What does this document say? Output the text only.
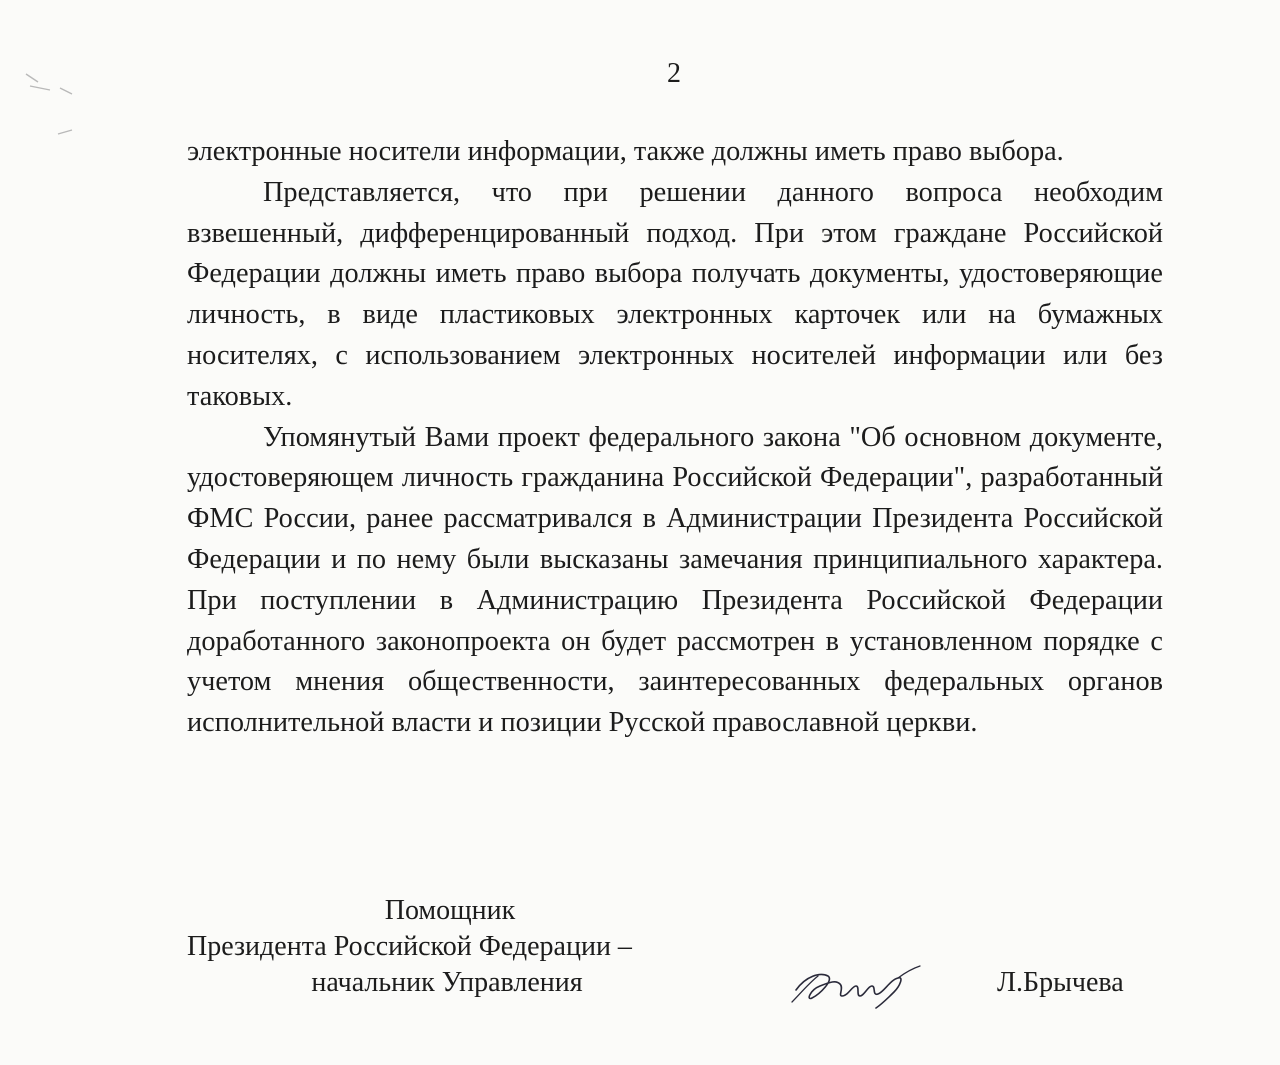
2

электронные носители информации, также должны иметь право выбора.

Представляется, что при решении данного вопроса необходим взвешенный, дифференцированный подход. При этом граждане Российской Федерации должны иметь право выбора получать документы, удостоверяющие личность, в виде пластиковых электронных карточек или на бумажных носителях, с использованием электронных носителей информации или без таковых.

Упомянутый Вами проект федерального закона "Об основном документе, удостоверяющем личность гражданина Российской Федерации", разработанный ФМС России, ранее рассматривался в Администрации Президента Российской Федерации и по нему были высказаны замечания принципиального характера. При поступлении в Администрацию Президента Российской Федерации доработанного законопроекта он будет рассмотрен в установленном порядке с учетом мнения общественности, заинтересованных федеральных органов исполнительной власти и позиции Русской православной церкви.

Помощник
Президента Российской Федерации –
начальник Управления	Л.Брычева
